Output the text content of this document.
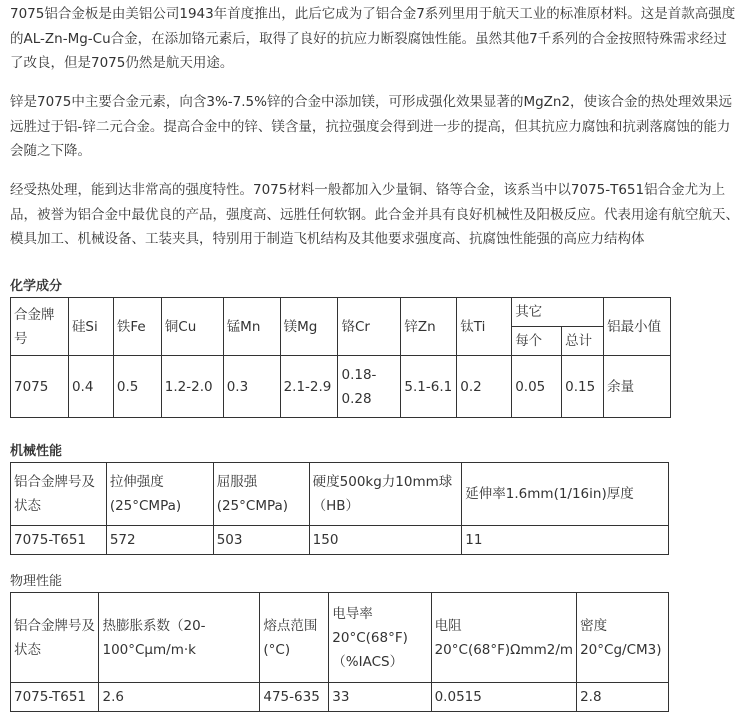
7075铝合金板是由美铝公司1943年首度推出，此后它成为了铝合金7系列里用于航天工业的标准原材料。这是首款高强度的AL-Zn-Mg-Cu合金，在添加铬元素后，取得了良好的抗应力断裂腐蚀性能。虽然其他7千系列的合金按照特殊需求经过了改良，但是7075仍然是航天用途。

锌是7075中主要合金元素，向含3%-7.5%锌的合金中添加镁，可形成强化效果显著的MgZn2，使该合金的热处理效果远远胜过于铝-锌二元合金。提高合金中的锌、镁含量，抗拉强度会得到进一步的提高，但其抗应力腐蚀和抗剥落腐蚀的能力会随之下降。

经受热处理，能到达非常高的强度特性。7075材料一般都加入少量铜、铬等合金，该系当中以7075-T651铝合金尤为上品，被誉为铝合金中最优良的产品，强度高、远胜任何软钢。此合金并具有良好机械性及阳极反应。代表用途有航空航天、模具加工、机械设备、工装夹具，特别用于制造飞机结构及其他要求强度高、抗腐蚀性能强的高应力结构体

化学成分

合金牌号	硅Si	铁Fe	铜Cu	锰Mn	镁Mg	铬Cr	锌Zn	钛Ti	其它		铝最小值
									每个	总计	
7075	0.4	0.5	1.2-2.0	0.3	2.1-2.9	0.18-0.28	5.1-6.1	0.2	0.05	0.15	余量

机械性能

铝合金牌号及状态	拉伸强度(25°CMPa)	屈服强(25°CMPa)	硬度500kg力10mm球（HB）	延伸率1.6mm(1/16in)厚度
7075-T651	572	503	150	11

物理性能

铝合金牌号及状态	热膨胀系数（20-100°Cμm/m·k	熔点范围(°C)	电导率20°C(68°F)（%IACS）	电阻20°C(68°F)Ωmm2/m	密度20°Cg/CM3)
7075-T651	2.6	475-635	33	0.0515	2.8
